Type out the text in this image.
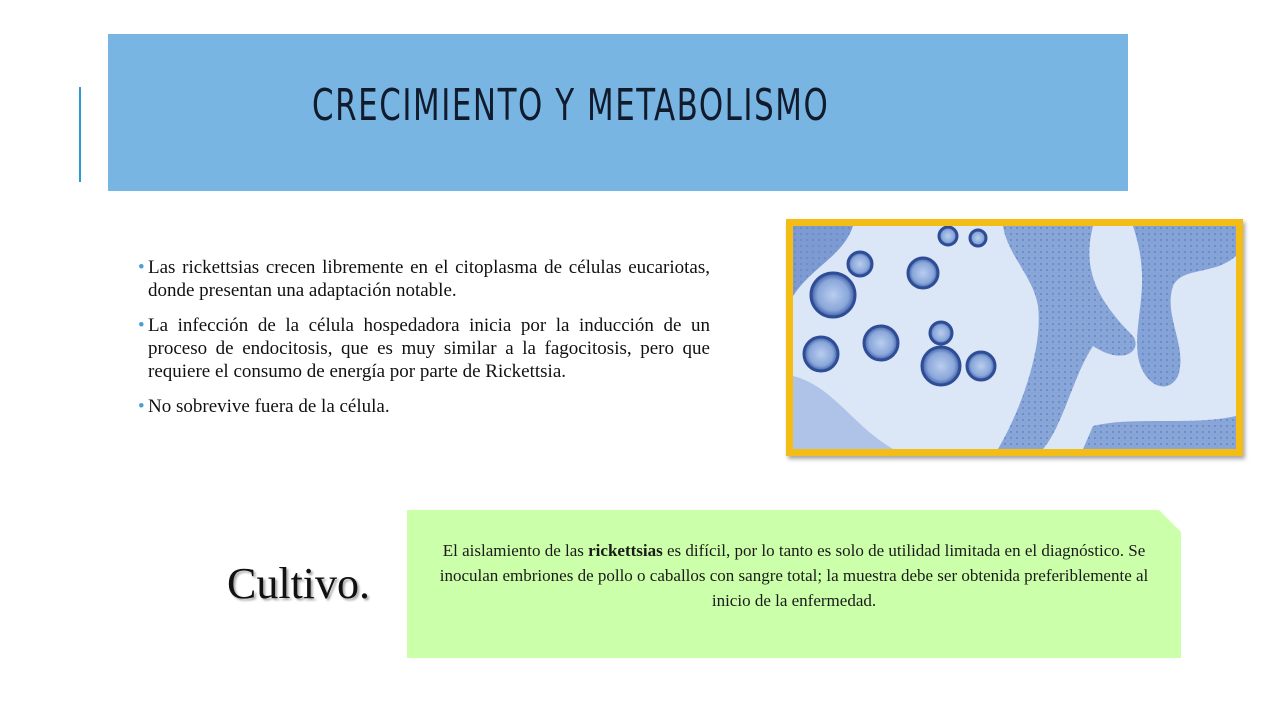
CRECIMIENTO Y METABOLISMO
• Las rickettsias crecen libremente en el citoplasma de células eucariotas, donde presentan una adaptación notable.
• La infección de la célula hospedadora inicia por la inducción de un proceso de endocitosis, que es muy similar a la fagocitosis, pero que requiere el consumo de energía por parte de Rickettsia.
• No sobrevive fuera de la célula.
Cultivo.

El aislamiento de las rickettsias es difícil, por lo tanto es solo de utilidad limitada en el diagnóstico. Se inoculan embriones de pollo o caballos con sangre total; la muestra debe ser obtenida preferiblemente al inicio de la enfermedad.
